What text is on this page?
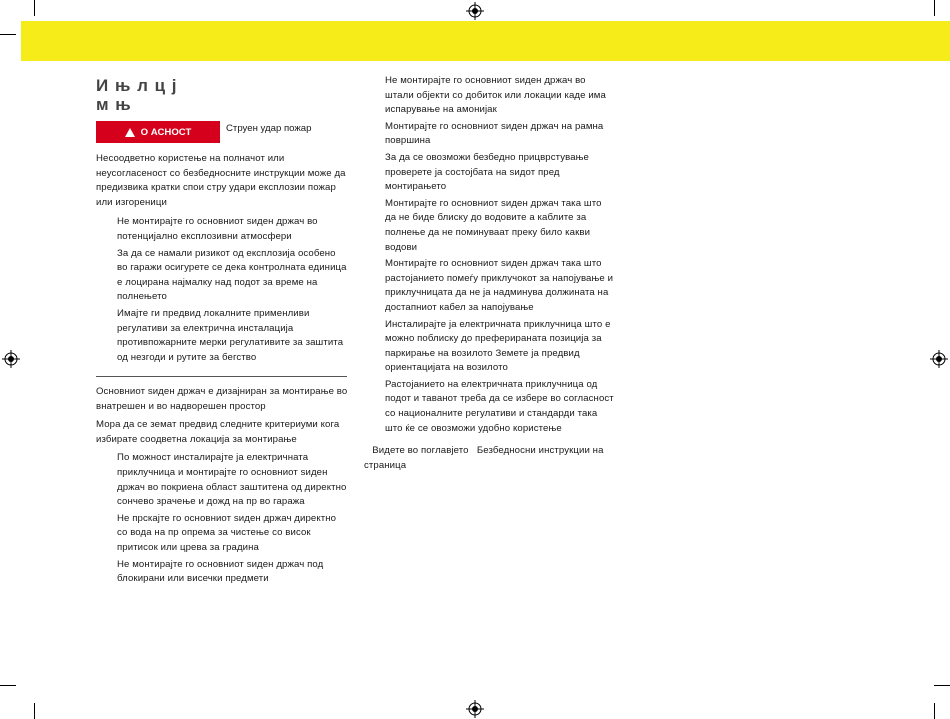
И њ л ц ј
м њ
О АСНОСТ	Струен удар пожар

Несоодветно користење на полначот или неусогласеност со безбедносните инструкции може да предизвика кратки спои стру удари експлозии пожар или изгореници

Не монтирајте го основниот ѕиден држач во потенцијално експлозивни атмосфери

За да се намали ризикот од експлозија особено во гаражи осигурете се дека контролната единица е лоцирана најмалку над подот за време на полнењето

Имајте ги предвид локалните применливи регулативи за електрична инсталација противпожарните мерки регулативите за заштита од незгоди и рутите за бегство

Основниот ѕиден држач е дизајниран за монтирање во внатрешен и во надворешен простор

Мора да се земат предвид следните критериуми кога избирате соодветна локација за монтирање

По можност инсталирајте ја електричната приклучница и монтирајте го основниот ѕиден држач во покриена област заштитена од директно сончево зрачење и дожд на пр во гаража

Не прскајте го основниот ѕиден држач директно со вода на пр опрема за чистење со висок притисок или црева за градина

Не монтирајте го основниот ѕиден држач под блокирани или висечки предмети

Не монтирајте го основниот ѕиден држач во штали објекти со добиток или локации каде има испарување на амонијак

Монтирајте го основниот ѕиден држач на рамна површина

За да се овозможи безбедно прицврстување проверете ја состојбата на ѕидот пред монтирањето

Монтирајте го основниот ѕиден држач така што да не биде блиску до водовите а каблите за полнење да не поминуваат преку било какви водови

Монтирајте го основниот ѕиден држач така што растојанието помеѓу приклучокот за напојување и приклучницата да не ја надминува должината на достапниот кабел за напојување

Инсталирајте ја електричната приклучница што е можно поблиску до преферираната позиција за паркирање на возилото Земете ја предвид ориентацијата на возилото

Растојанието на електричната приклучница од подот и таванот треба да се избере во согласност со националните регулативи и стандарди така што ќе се овозможи удобно користење

Видете во поглавјето   Безбедносни инструкции на страница
